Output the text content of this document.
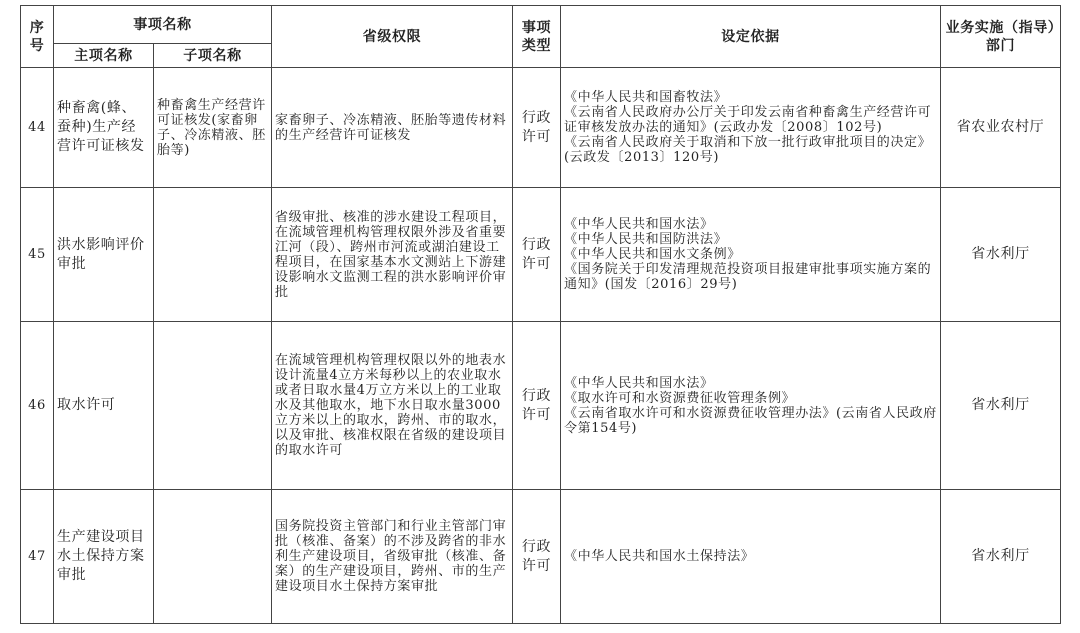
序号	事项名称		省级权限	事项类型	设定依据	业务实施（指导）部门
	主项名称	子项名称				
44	种畜禽(蜂、蚕种)生产经营许可证核发	种畜禽生产经营许可证核发(家畜卵子、冷冻精液、胚胎等)	家畜卵子、冷冻精液、胚胎等遗传材料的生产经营许可证核发	行政许可	《中华人民共和国畜牧法》
《云南省人民政府办公厅关于印发云南省种畜禽生产经营许可证审核发放办法的通知》(云政办发〔2008〕102号)
《云南省人民政府关于取消和下放一批行政审批项目的决定》(云政发〔2013〕120号)	省农业农村厅
45	洪水影响评价审批		省级审批、核准的涉水建设工程项目，在流域管理机构管理权限外涉及省重要江河（段）、跨州市河流或湖泊建设工程项目，在国家基本水文测站上下游建设影响水文监测工程的洪水影响评价审批	行政许可	《中华人民共和国水法》
《中华人民共和国防洪法》
《中华人民共和国水文条例》
《国务院关于印发清理规范投资项目报建审批事项实施方案的通知》(国发〔2016〕29号)	省水利厅
46	取水许可		在流域管理机构管理权限以外的地表水设计流量4立方米每秒以上的农业取水或者日取水量4万立方米以上的工业取水及其他取水，地下水日取水量3000立方米以上的取水，跨州、市的取水，以及审批、核准权限在省级的建设项目的取水许可	行政许可	《中华人民共和国水法》
《取水许可和水资源费征收管理条例》
《云南省取水许可和水资源费征收管理办法》(云南省人民政府令第154号)	省水利厅
47	生产建设项目水土保持方案审批		国务院投资主管部门和行业主管部门审批（核准、备案）的不涉及跨省的非水利生产建设项目，省级审批（核准、备案）的生产建设项目，跨州、市的生产建设项目水土保持方案审批	行政许可	《中华人民共和国水土保持法》	省水利厅
